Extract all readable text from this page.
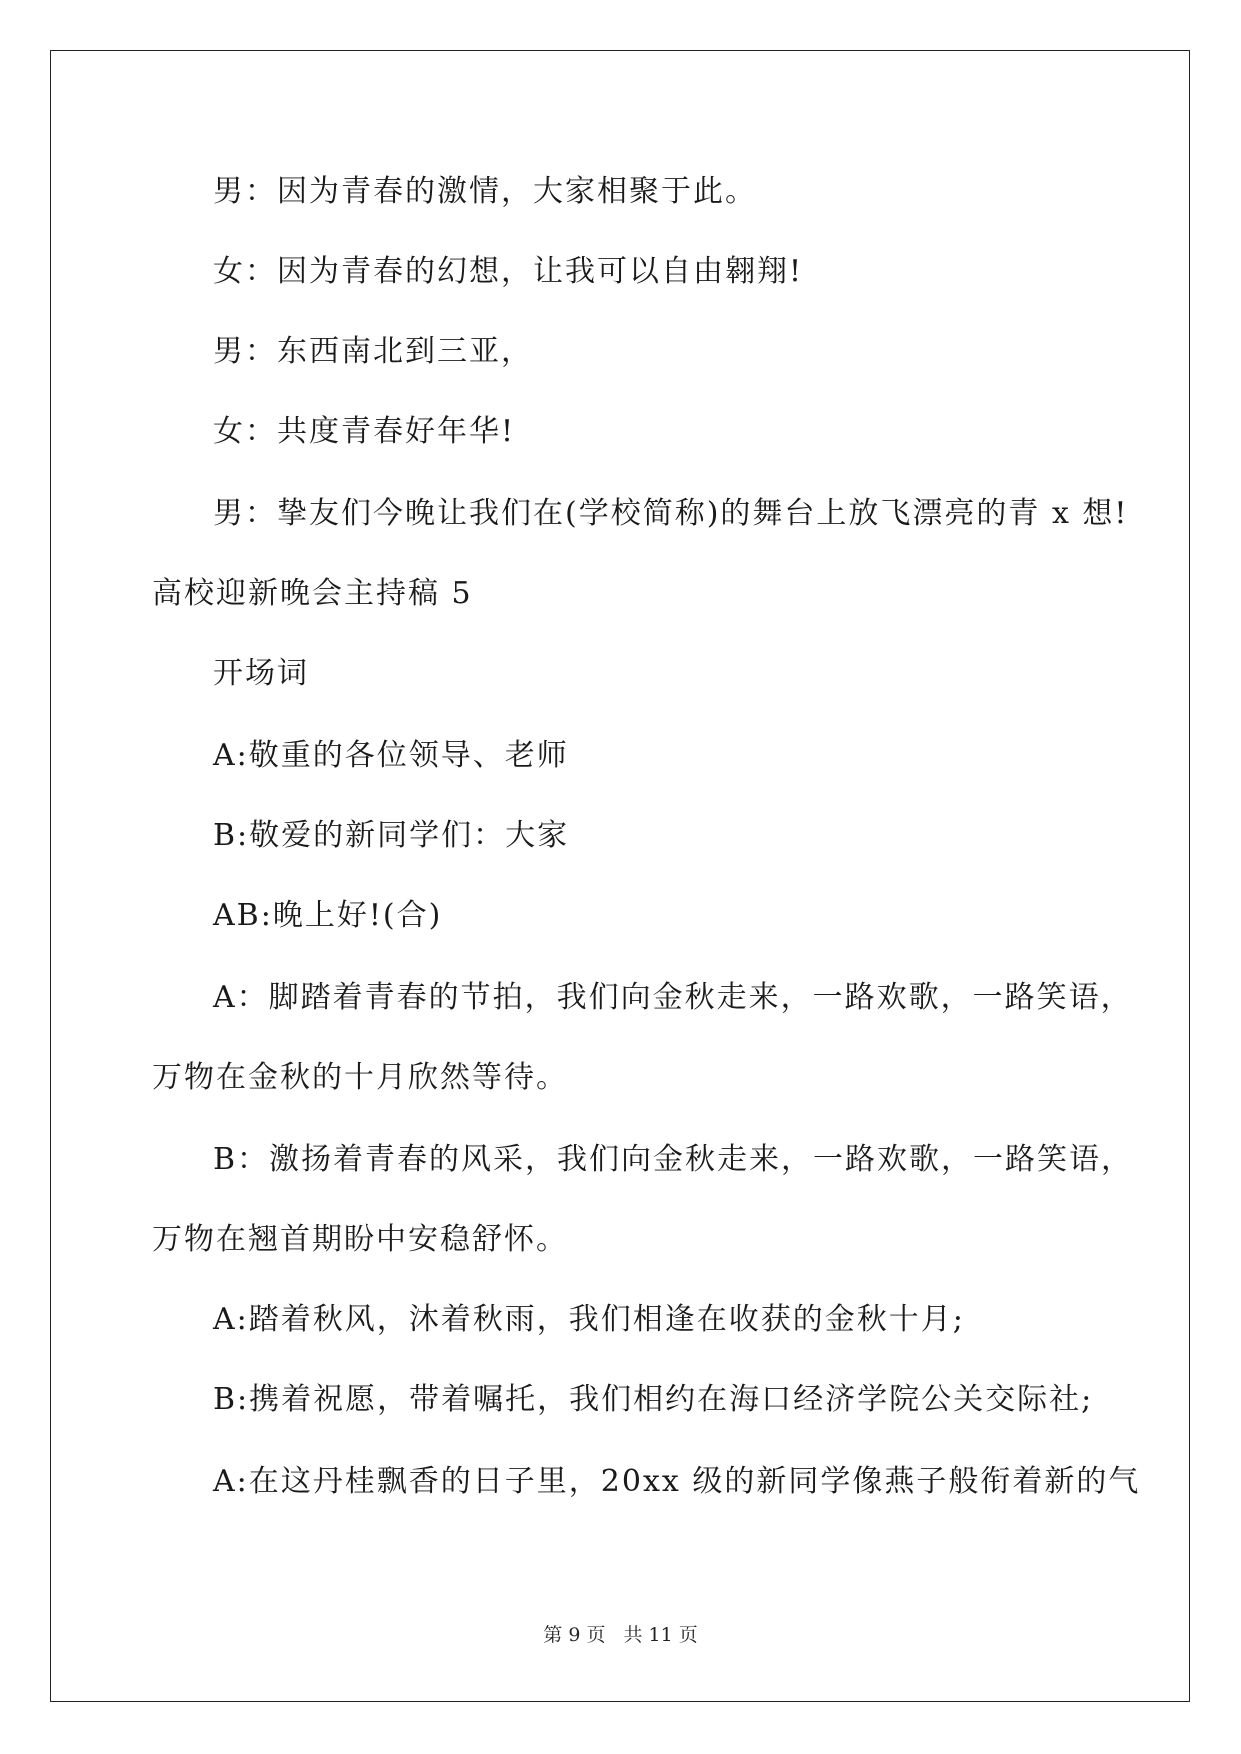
男：因为青春的激情，大家相聚于此。
女：因为青春的幻想，让我可以自由翱翔!
男：东西南北到三亚，
女：共度青春好年华!
男：挚友们今晚让我们在(学校简称)的舞台上放飞漂亮的青 x 想!
高校迎新晚会主持稿 5
开场词
A:敬重的各位领导、老师
B:敬爱的新同学们：大家
AB:晚上好!(合)
A：脚踏着青春的节拍，我们向金秋走来，一路欢歌，一路笑语，
万物在金秋的十月欣然等待。
B：激扬着青春的风采，我们向金秋走来，一路欢歌，一路笑语，
万物在翘首期盼中安稳舒怀。
A:踏着秋风，沐着秋雨，我们相逢在收获的金秋十月;
B:携着祝愿，带着嘱托，我们相约在海口经济学院公关交际社;
A:在这丹桂飘香的日子里，20xx 级的新同学像燕子般衔着新的气
第 9 页 共 11 页
